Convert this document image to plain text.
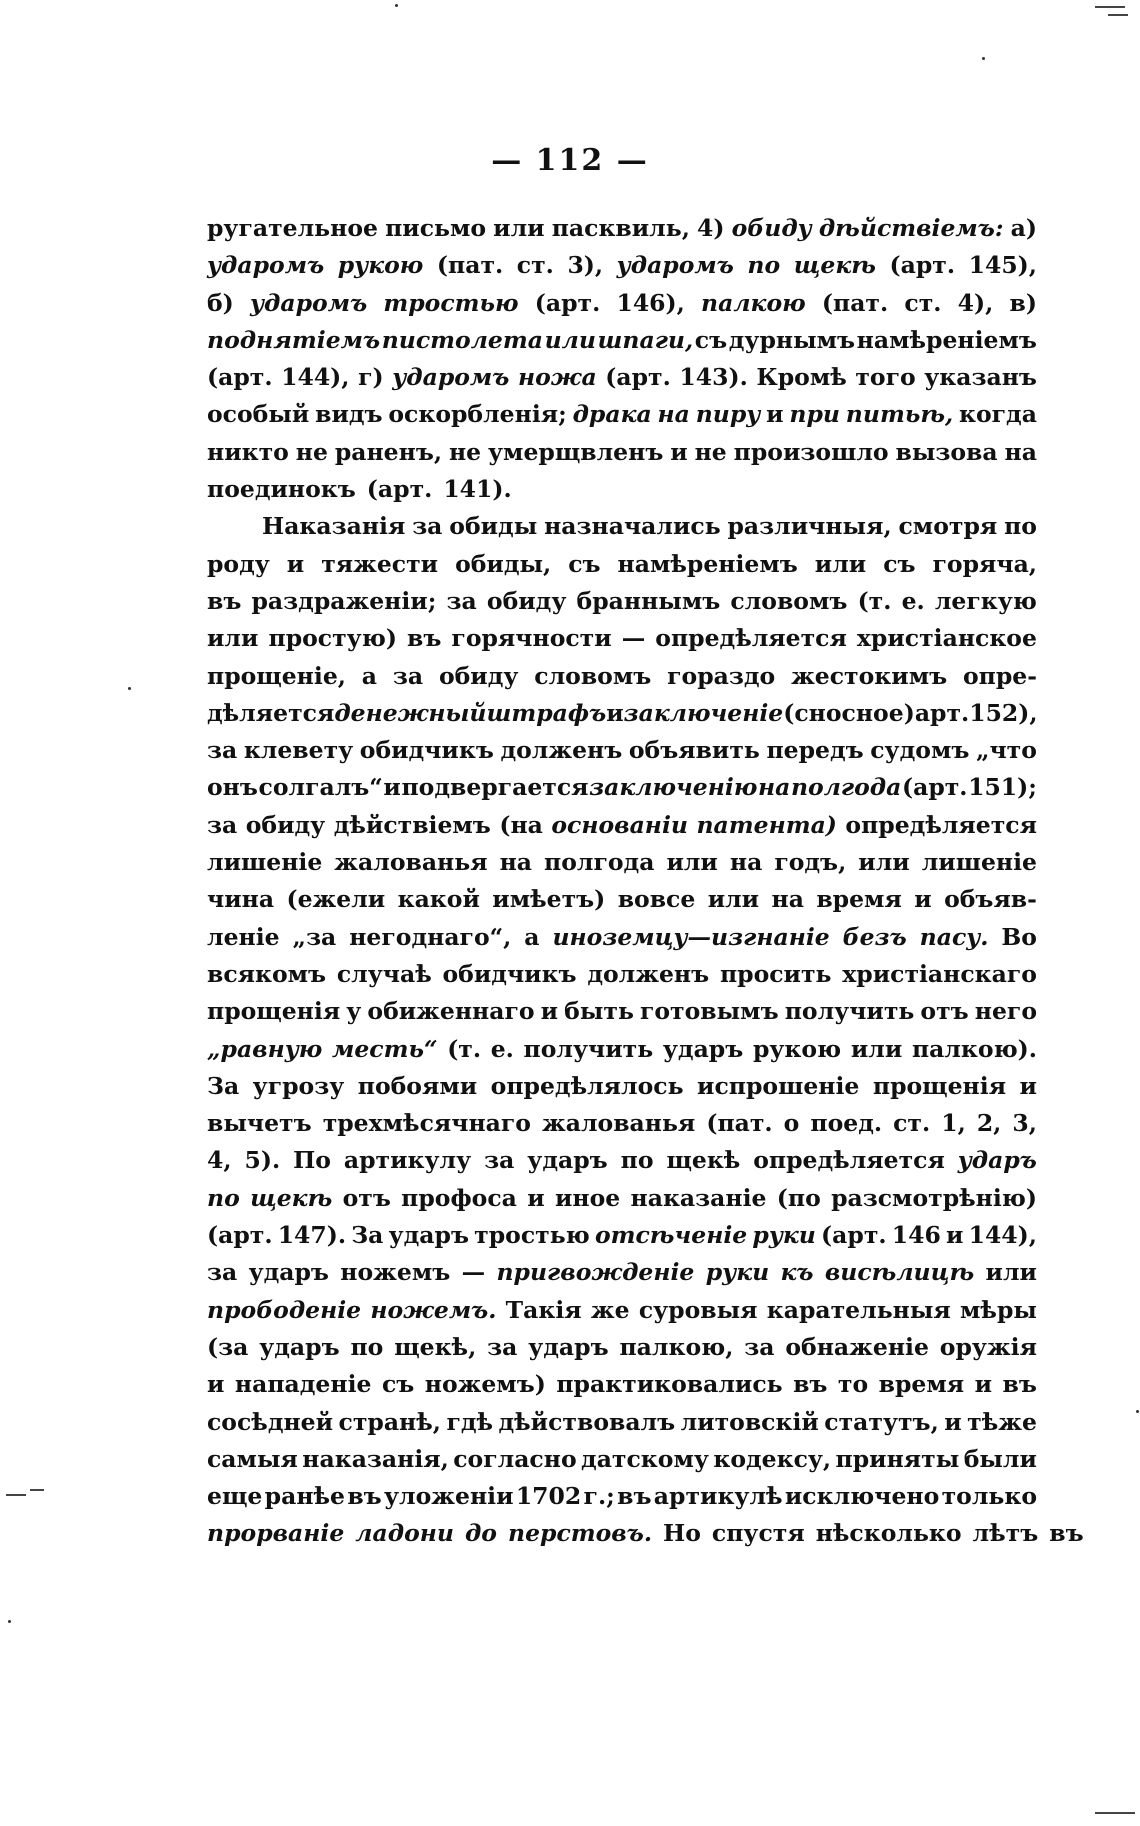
— 112 —
ругательное письмо или пасквиль, 4) обиду дѣйствіемъ: а)
ударомъ рукою (пат. ст. 3), ударомъ по щекѣ (арт. 145),
б) ударомъ тростью (арт. 146), палкою (пат. ст. 4), в)
поднятіемъ пистолета или шпаги, съ дурнымъ намѣреніемъ
(арт. 144), г) ударомъ ножа (арт. 143). Кромѣ того указанъ
особый видъ оскорбленія; драка на пиру и при питьѣ, когда
никто не раненъ, не умерщвленъ и не произошло вызова на
поединокъ (арт. 141).
Наказанія за обиды назначались различныя, смотря по
роду и тяжести обиды, съ намѣреніемъ или съ горяча,
въ раздраженіи; за обиду браннымъ словомъ (т. е. легкую
или простую) въ горячности — опредѣляется христіанское
прощеніе, а за обиду словомъ гораздо жестокимъ опре-
дѣляется денежный штрафъ и заключеніе (сносное) арт. 152),
за клевету обидчикъ долженъ объявить передъ судомъ „что
онъ солгалъ“ и подвергается заключенію на полгода (арт. 151);
за обиду дѣйствіемъ (на основаніи патента) опредѣляется
лишеніе жалованья на полгода или на годъ, или лишеніе
чина (ежели какой имѣетъ) вовсе или на время и объяв-
леніе „за негоднаго“, а иноземцу—изгнаніе безъ пасу. Во
всякомъ случаѣ обидчикъ долженъ просить христіанскаго
прощенія у обиженнаго и быть готовымъ получить отъ него
„равную месть“ (т. е. получить ударъ рукою или палкою).
За угрозу побоями опредѣлялось испрошеніе прощенія и
вычетъ трехмѣсячнаго жалованья (пат. о поед. ст. 1, 2, 3,
4, 5). По артикулу за ударъ по щекѣ опредѣляется ударъ
по щекѣ отъ профоса и иное наказаніе (по разсмотрѣнію)
(арт. 147). За ударъ тростью отсѣченіе руки (арт. 146 и 144),
за ударъ ножемъ — пригвожденіе руки къ висѣлицѣ или
прободеніе ножемъ. Такія же суровыя карательныя мѣры
(за ударъ по щекѣ, за ударъ палкою, за обнаженіе оружія
и нападеніе съ ножемъ) практиковались въ то время и въ
сосѣдней странѣ, гдѣ дѣйствовалъ литовскій статутъ, и тѣже
самыя наказанія, согласно датскому кодексу, приняты были
еще ранѣе въ уложеніи 1702 г.; въ артикулѣ исключено только
прорваніе ладони до перстовъ. Но спустя нѣсколько лѣтъ въ
